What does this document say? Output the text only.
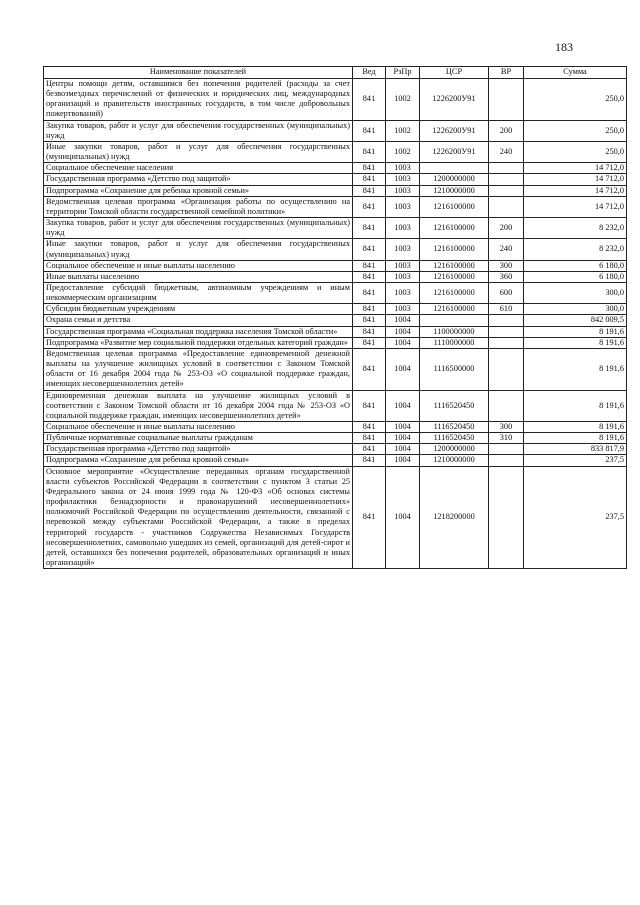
183
Наименование показателей	Вед	РзПр	ЦСР	ВР	Сумма
Центры помощи детям, оставшимся без попечения родителей (расходы за счет безвозмездных перечислений от физических и юридических лиц, международных организаций и правительств иностранных государств, в том числе добровольных пожертвований)	841	1002	1226200У91		250,0
Закупка товаров, работ и услуг для обеспечения государственных (муниципальных) нужд	841	1002	1226200У91	200	250,0
Иные закупки товаров, работ и услуг для обеспечения государственных (муниципальных) нужд	841	1002	1226200У91	240	250,0
Социальное обеспечение населения	841	1003			14 712,0
Государственная программа «Детство под защитой»	841	1003	1200000000		14 712,0
Подпрограмма «Сохранение для ребенка кровной семьи»	841	1003	1210000000		14 712,0
Ведомственная целевая программа «Организация работы по осуществлению на территории Томской области государственной семейной политики»	841	1003	1216100000		14 712,0
Закупка товаров, работ и услуг для обеспечения государственных (муниципальных) нужд	841	1003	1216100000	200	8 232,0
Иные закупки товаров, работ и услуг для обеспечения государственных (муниципальных) нужд	841	1003	1216100000	240	8 232,0
Социальное обеспечение и иные выплаты населению	841	1003	1216100000	300	6 180,0
Иные выплаты населению	841	1003	1216100000	360	6 180,0
Предоставление субсидий бюджетным, автономным учреждениям и иным некоммерческим организациям	841	1003	1216100000	600	300,0
Субсидии бюджетным учреждениям	841	1003	1216100000	610	300,0
Охрана семьи и детства	841	1004			842 009,5
Государственная программа «Социальная поддержка населения Томской области»	841	1004	1100000000		8 191,6
Подпрограмма «Развитие мер социальной поддержки отдельных категорий граждан»	841	1004	1110000000		8 191,6
Ведомственная целевая программа «Предоставление единовременной денежной выплаты на улучшение жилищных условий в соответствии с Законом Томской области от 16 декабря 2004 года № 253-ОЗ «О социальной поддержке граждан, имеющих несовершеннолетних детей»	841	1004	1116500000		8 191,6
Единовременная денежная выплата на улучшение жилищных условий в соответствии с Законом Томской области от 16 декабря 2004 года № 253-ОЗ «О социальной поддержке граждан, имеющих несовершеннолетних детей»	841	1004	1116520450		8 191,6
Социальное обеспечение и иные выплаты населению	841	1004	1116520450	300	8 191,6
Публичные нормативные социальные выплаты гражданам	841	1004	1116520450	310	8 191,6
Государственная программа «Детство под защитой»	841	1004	1200000000		833 817,9
Подпрограмма «Сохранение для ребенка кровной семьи»	841	1004	1210000000		237,5
Основное мероприятие «Осуществление переданных органам государственной власти субъектов Российской Федерации в соответствии с пунктом 3 статьи 25 Федерального закона от 24 июня 1999 года № 120-ФЗ «Об основах системы профилактики безнадзорности и правонарушений несовершеннолетних» полномочий Российской Федерации по осуществлению деятельности, связанной с перевозкой между субъектами Российской Федерации, а также в пределах территорий государств - участников Содружества Независимых Государств несовершеннолетних, самовольно ушедших из семей, организаций для детей-сирот и детей, оставшихся без попечения родителей, образовательных организаций и иных организаций»	841	1004	1218200000		237,5
